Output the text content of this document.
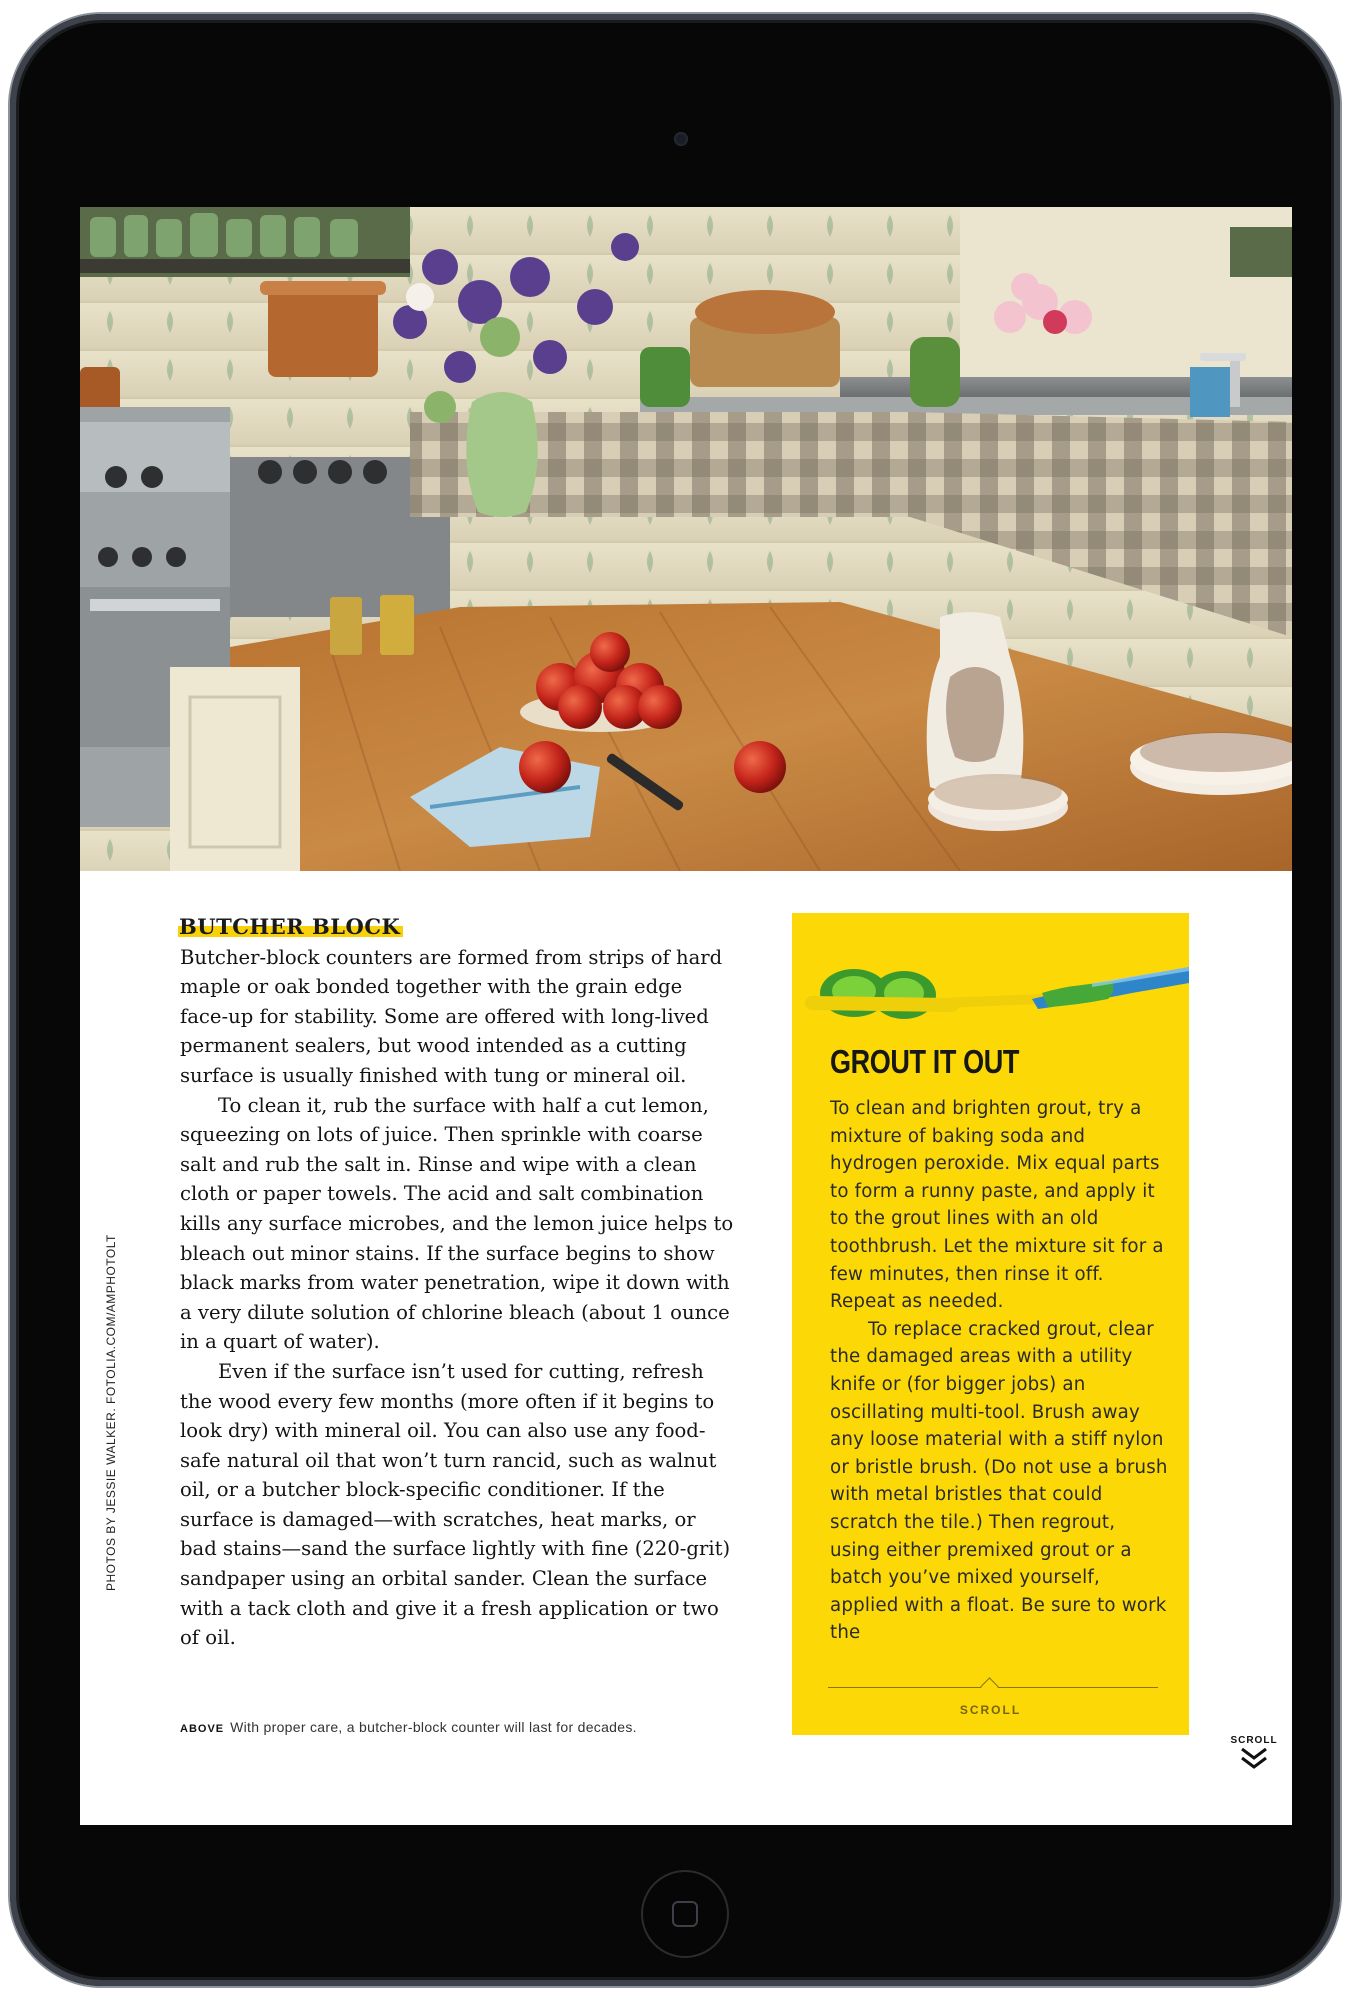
PHOTOS BY JESSIE WALKER. FOTOLIA.COM/AMPHOTOLT
BUTCHER BLOCK

Butcher-block counters are formed from strips of hard maple or oak bonded together with the grain edge face-up for stability. Some are offered with long-lived permanent sealers, but wood intended as a cutting surface is usually finished with tung or mineral oil.

To clean it, rub the surface with half a cut lemon, squeezing on lots of juice. Then sprinkle with coarse salt and rub the salt in. Rinse and wipe with a clean cloth or paper towels. The acid and salt combination kills any surface microbes, and the lemon juice helps to bleach out minor stains. If the surface begins to show black marks from water penetration, wipe it down with a very dilute solution of chlorine bleach (about 1 ounce in a quart of water).

Even if the surface isn’t used for cutting, refresh the wood every few months (more often if it begins to look dry) with mineral oil. You can also use any food-safe natural oil that won’t turn rancid, such as walnut oil, or a butcher block-specific conditioner. If the surface is damaged—with scratches, heat marks, or bad stains—sand the surface lightly with fine (220-grit) sandpaper using an orbital sander. Clean the surface with a tack cloth and give it a fresh application or two of oil.

ABOVE With proper care, a butcher-block counter will last for decades.
GROUT IT OUT

To clean and brighten grout, try a mixture of baking soda and hydrogen peroxide. Mix equal parts to form a runny paste, and apply it to the grout lines with an old toothbrush. Let the mixture sit for a few minutes, then rinse it off. Repeat as needed.

To replace cracked grout, clear the damaged areas with a utility knife or (for bigger jobs) an oscillating multi-tool. Brush away any loose material with a stiff nylon or bristle brush. (Do not use a brush with metal bristles that could scratch the tile.) Then regrout, using either premixed grout or a batch you’ve mixed yourself, applied with a float. Be sure to work the

SCROLL
SCROLL
